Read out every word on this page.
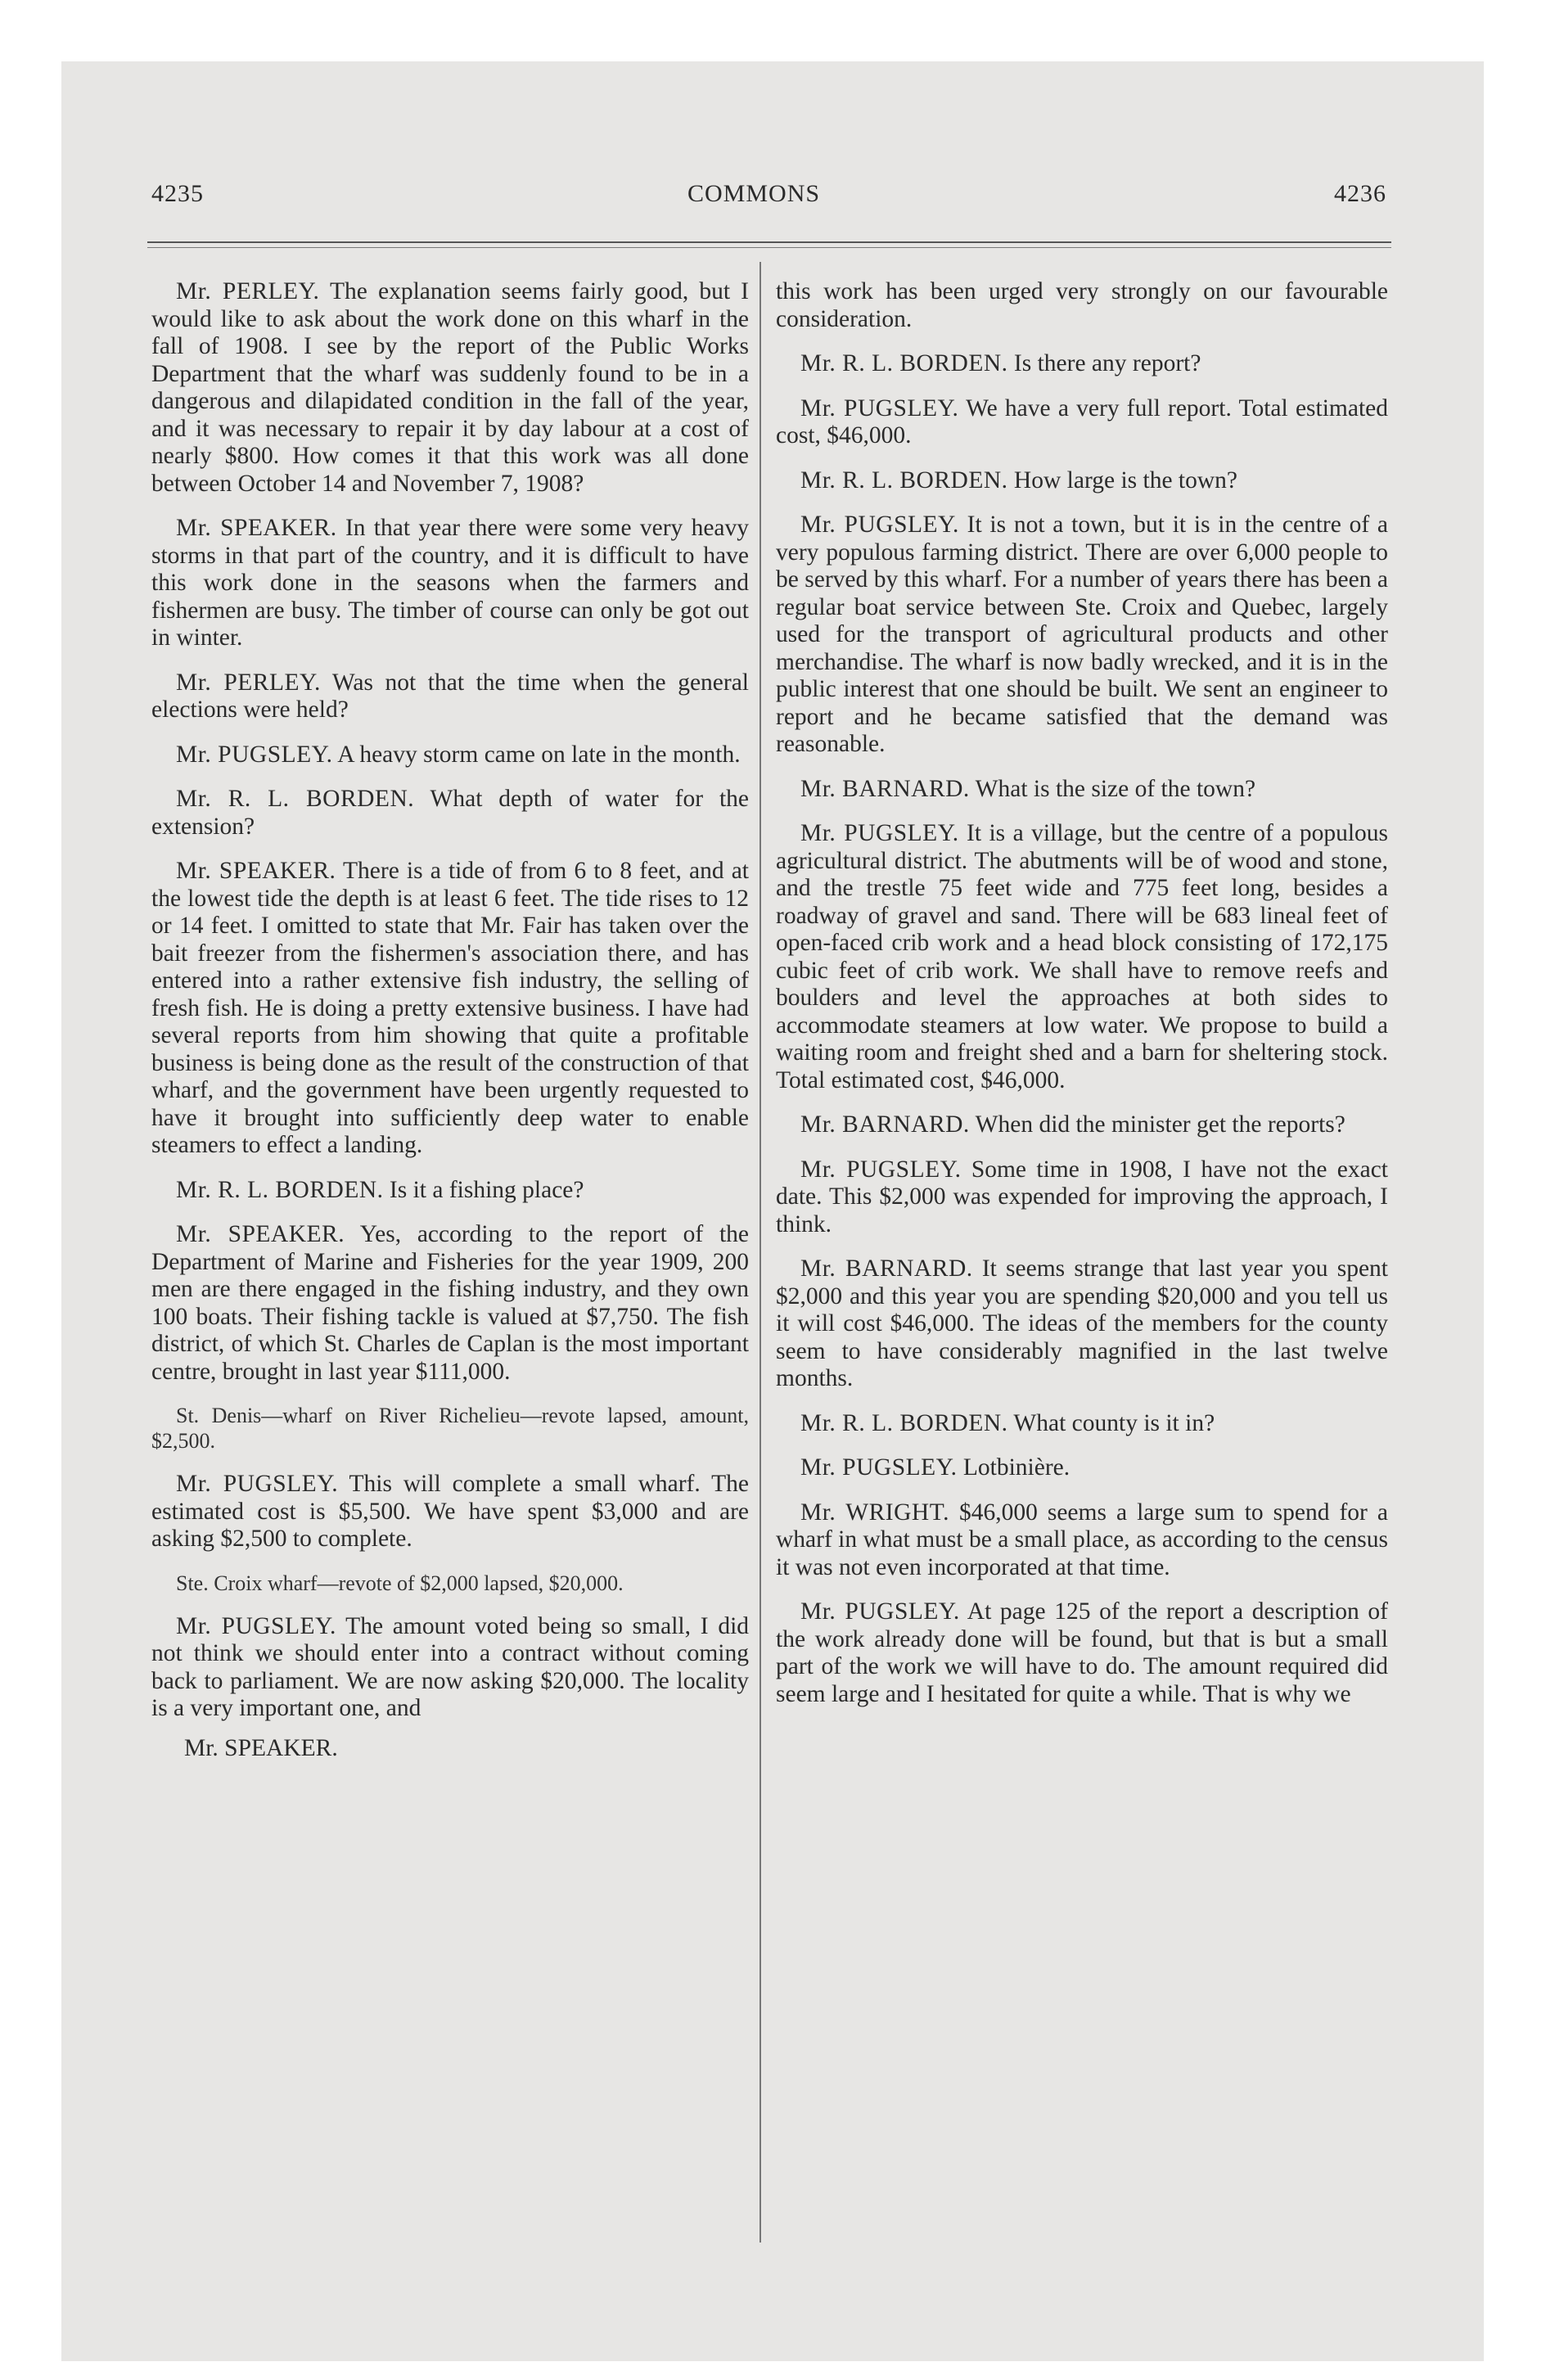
4235	COMMONS	4236

Mr. PERLEY. The explanation seems fairly good, but I would like to ask about the work done on this wharf in the fall of 1908. I see by the report of the Public Works Department that the wharf was suddenly found to be in a dangerous and dilapidated condition in the fall of the year, and it was necessary to repair it by day labour at a cost of nearly $800. How comes it that this work was all done between October 14 and November 7, 1908?

Mr. SPEAKER. In that year there were some very heavy storms in that part of the country, and it is difficult to have this work done in the seasons when the farmers and fishermen are busy. The timber of course can only be got out in winter.

Mr. PERLEY. Was not that the time when the general elections were held?

Mr. PUGSLEY. A heavy storm came on late in the month.

Mr. R. L. BORDEN. What depth of water for the extension?

Mr. SPEAKER. There is a tide of from 6 to 8 feet, and at the lowest tide the depth is at least 6 feet. The tide rises to 12 or 14 feet. I omitted to state that Mr. Fair has taken over the bait freezer from the fishermen's association there, and has entered into a rather extensive fish industry, the selling of fresh fish. He is doing a pretty extensive business. I have had several reports from him showing that quite a profitable business is being done as the result of the construction of that wharf, and the government have been urgently requested to have it brought into sufficiently deep water to enable steamers to effect a landing.

Mr. R. L. BORDEN. Is it a fishing place?

Mr. SPEAKER. Yes, according to the report of the Department of Marine and Fisheries for the year 1909, 200 men are there engaged in the fishing industry, and they own 100 boats. Their fishing tackle is valued at $7,750. The fish district, of which St. Charles de Caplan is the most important centre, brought in last year $111,000.

St. Denis—wharf on River Richelieu—revote lapsed, amount, $2,500.

Mr. PUGSLEY. This will complete a small wharf. The estimated cost is $5,500. We have spent $3,000 and are asking $2,500 to complete.

Ste. Croix wharf—revote of $2,000 lapsed, $20,000.

Mr. PUGSLEY. The amount voted being so small, I did not think we should enter into a contract without coming back to parliament. We are now asking $20,000. The locality is a very important one, and

Mr. SPEAKER.

this work has been urged very strongly on our favourable consideration.

Mr. R. L. BORDEN. Is there any report?

Mr. PUGSLEY. We have a very full report. Total estimated cost, $46,000.

Mr. R. L. BORDEN. How large is the town?

Mr. PUGSLEY. It is not a town, but it is in the centre of a very populous farming district. There are over 6,000 people to be served by this wharf. For a number of years there has been a regular boat service between Ste. Croix and Quebec, largely used for the transport of agricultural products and other merchandise. The wharf is now badly wrecked, and it is in the public interest that one should be built. We sent an engineer to report and he became satisfied that the demand was reasonable.

Mr. BARNARD. What is the size of the town?

Mr. PUGSLEY. It is a village, but the centre of a populous agricultural district. The abutments will be of wood and stone, and the trestle 75 feet wide and 775 feet long, besides a roadway of gravel and sand. There will be 683 lineal feet of open-faced crib work and a head block consisting of 172,175 cubic feet of crib work. We shall have to remove reefs and boulders and level the approaches at both sides to accommodate steamers at low water. We propose to build a waiting room and freight shed and a barn for sheltering stock. Total estimated cost, $46,000.

Mr. BARNARD. When did the minister get the reports?

Mr. PUGSLEY. Some time in 1908, I have not the exact date. This $2,000 was expended for improving the approach, I think.

Mr. BARNARD. It seems strange that last year you spent $2,000 and this year you are spending $20,000 and you tell us it will cost $46,000. The ideas of the members for the county seem to have considerably magnified in the last twelve months.

Mr. R. L. BORDEN. What county is it in?

Mr. PUGSLEY. Lotbinière.

Mr. WRIGHT. $46,000 seems a large sum to spend for a wharf in what must be a small place, as according to the census it was not even incorporated at that time.

Mr. PUGSLEY. At page 125 of the report a description of the work already done will be found, but that is but a small part of the work we will have to do. The amount required did seem large and I hesitated for quite a while. That is why we
